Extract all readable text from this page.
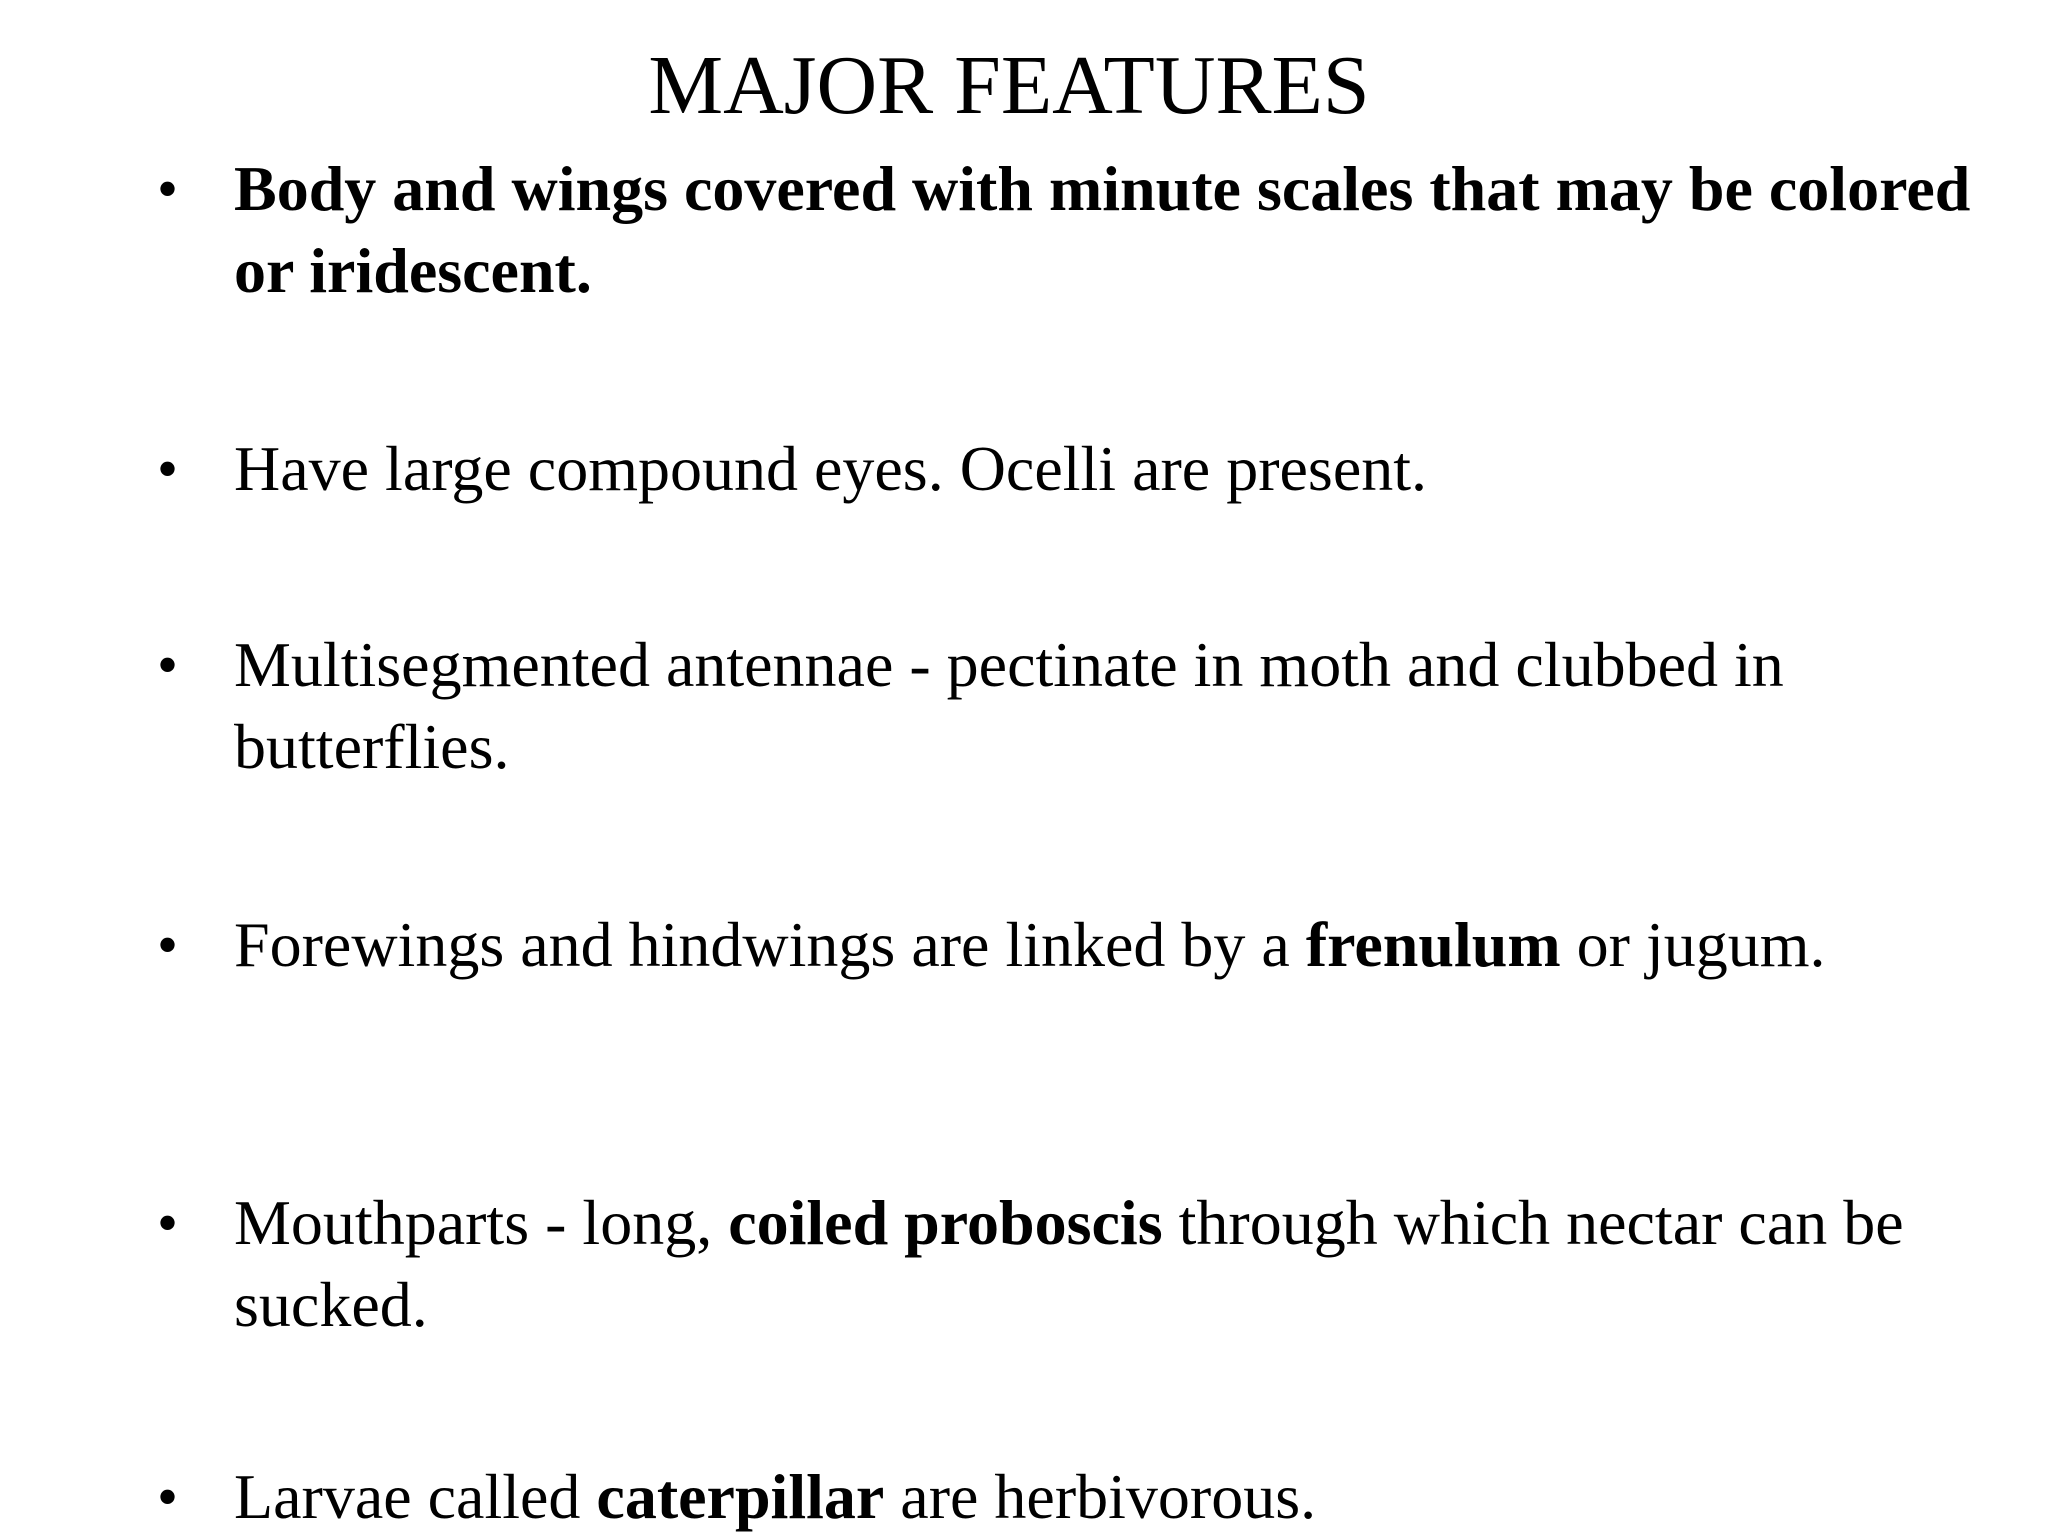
MAJOR FEATURES
• Body and wings covered with minute scales that may be colored or iridescent.
• Have large compound eyes. Ocelli are present.
• Multisegmented antennae - pectinate in moth and clubbed in butterflies.
• Forewings and hindwings are linked by a frenulum or jugum.
• Mouthparts - long, coiled proboscis through which nectar can be sucked.
• Larvae called caterpillar are herbivorous.
